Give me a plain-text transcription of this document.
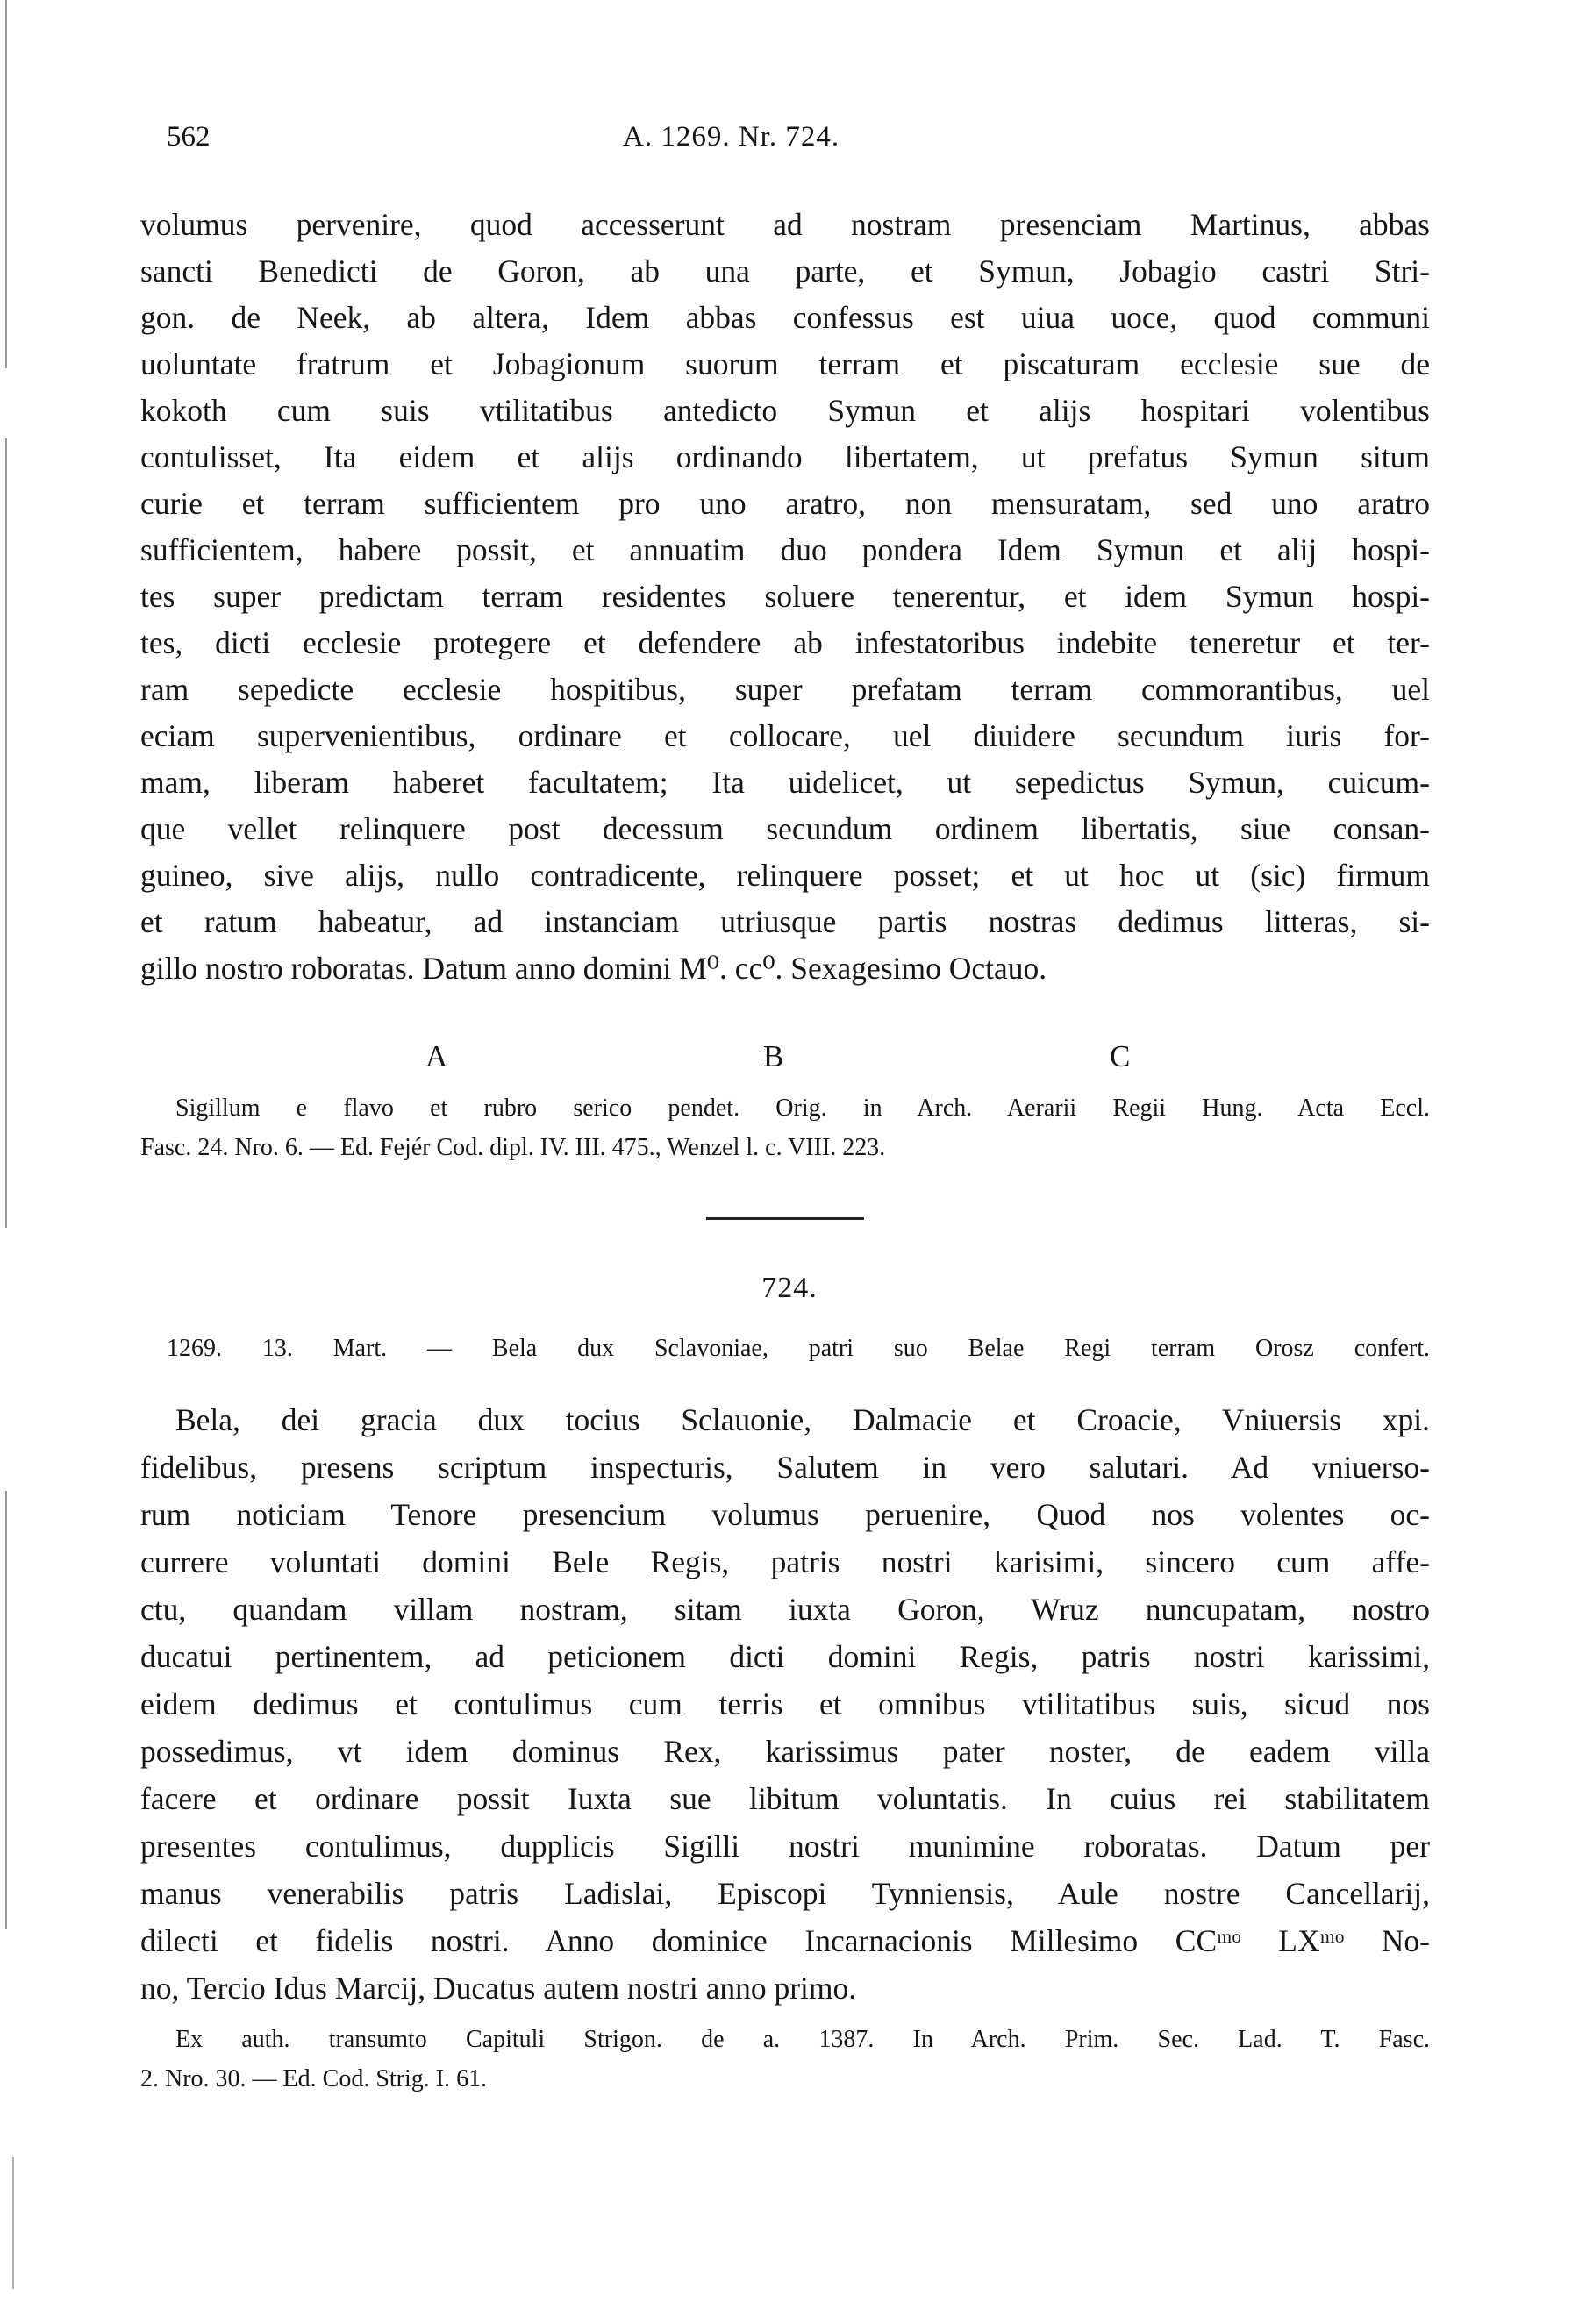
562	A. 1269. Nr. 724.
volumus pervenire, quod accesserunt ad nostram presenciam Martinus, abbas
sancti Benedicti de Goron, ab una parte, et Symun, Jobagio castri Stri-
gon. de Neek, ab altera, Idem abbas confessus est uiua uoce, quod communi
uoluntate fratrum et Jobagionum suorum terram et piscaturam ecclesie sue de
kokoth cum suis vtilitatibus antedicto Symun et alijs hospitari volentibus
contulisset, Ita eidem et alijs ordinando libertatem, ut prefatus Symun situm
curie et terram sufficientem pro uno aratro, non mensuratam, sed uno aratro
sufficientem, habere possit, et annuatim duo pondera Idem Symun et alij hospi-
tes super predictam terram residentes soluere tenerentur, et idem Symun hospi-
tes, dicti ecclesie protegere et defendere ab infestatoribus indebite teneretur et ter-
ram sepedicte ecclesie hospitibus, super prefatam terram commorantibus, uel
eciam supervenientibus, ordinare et collocare, uel diuidere secundum iuris for-
mam, liberam haberet facultatem; Ita uidelicet, ut sepedictus Symun, cuicum-
que vellet relinquere post decessum secundum ordinem libertatis, siue consan-
guineo, sive alijs, nullo contradicente, relinquere posset; et ut hoc ut (sic) firmum
et ratum habeatur, ad instanciam utriusque partis nostras dedimus litteras, si-
gillo nostro roboratas. Datum anno domini M⁰. cc⁰. Sexagesimo Octauo.
A	B	C
Sigillum e flavo et rubro serico pendet. Orig. in Arch. Aerarii Regii Hung. Acta Eccl.
Fasc. 24. Nro. 6. — Ed. Fejér Cod. dipl. IV. III. 475., Wenzel l. c. VIII. 223.
724.
1269. 13. Mart. — Bela dux Sclavoniae, patri suo Belae Regi terram Orosz confert.
Bela, dei gracia dux tocius Sclauonie, Dalmacie et Croacie, Vniuersis xpi.
fidelibus, presens scriptum inspecturis, Salutem in vero salutari. Ad vniuerso-
rum noticiam Tenore presencium volumus peruenire, Quod nos volentes oc-
currere voluntati domini Bele Regis, patris nostri karisimi, sincero cum affe-
ctu, quandam villam nostram, sitam iuxta Goron, Wruz nuncupatam, nostro
ducatui pertinentem, ad peticionem dicti domini Regis, patris nostri karissimi,
eidem dedimus et contulimus cum terris et omnibus vtilitatibus suis, sicud nos
possedimus, vt idem dominus Rex, karissimus pater noster, de eadem villa
facere et ordinare possit Iuxta sue libitum voluntatis. In cuius rei stabilitatem
presentes contulimus, dupplicis Sigilli nostri munimine roboratas. Datum per
manus venerabilis patris Ladislai, Episcopi Tynniensis, Aule nostre Cancellarij,
dilecti et fidelis nostri. Anno dominice Incarnacionis Millesimo CCᵐᵒ LXᵐᵒ No-
no, Tercio Idus Marcij, Ducatus autem nostri anno primo.
Ex auth. transumto Capituli Strigon. de a. 1387. In Arch. Prim. Sec. Lad. T. Fasc.
2. Nro. 30. — Ed. Cod. Strig. I. 61.
